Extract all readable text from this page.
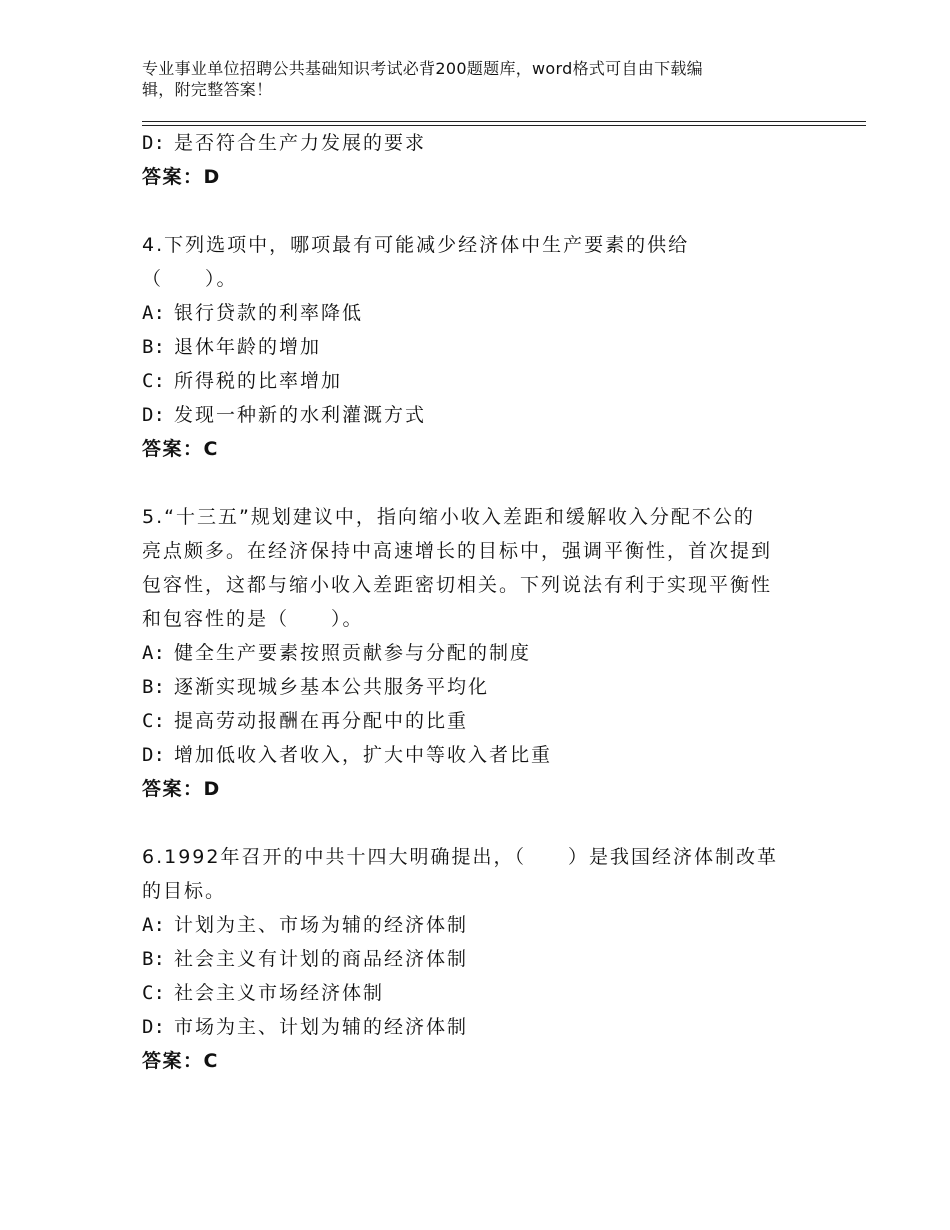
专业事业单位招聘公共基础知识考试必背200题题库，word格式可自由下载编
辑，附完整答案！
D: 是否符合生产力发展的要求
答案：D
4.下列选项中，哪项最有可能减少经济体中生产要素的供给
（　　）。
A: 银行贷款的利率降低
B: 退休年龄的增加
C: 所得税的比率增加
D: 发现一种新的水利灌溉方式
答案：C
5.“十三五”规划建议中，指向缩小收入差距和缓解收入分配不公的
亮点颇多。在经济保持中高速增长的目标中，强调平衡性，首次提到
包容性，这都与缩小收入差距密切相关。下列说法有利于实现平衡性
和包容性的是（　　）。
A: 健全生产要素按照贡献参与分配的制度
B: 逐渐实现城乡基本公共服务平均化
C: 提高劳动报酬在再分配中的比重
D: 增加低收入者收入，扩大中等收入者比重
答案：D
6.1992年召开的中共十四大明确提出，（　　）是我国经济体制改革
的目标。
A: 计划为主、市场为辅的经济体制
B: 社会主义有计划的商品经济体制
C: 社会主义市场经济体制
D: 市场为主、计划为辅的经济体制
答案：C
